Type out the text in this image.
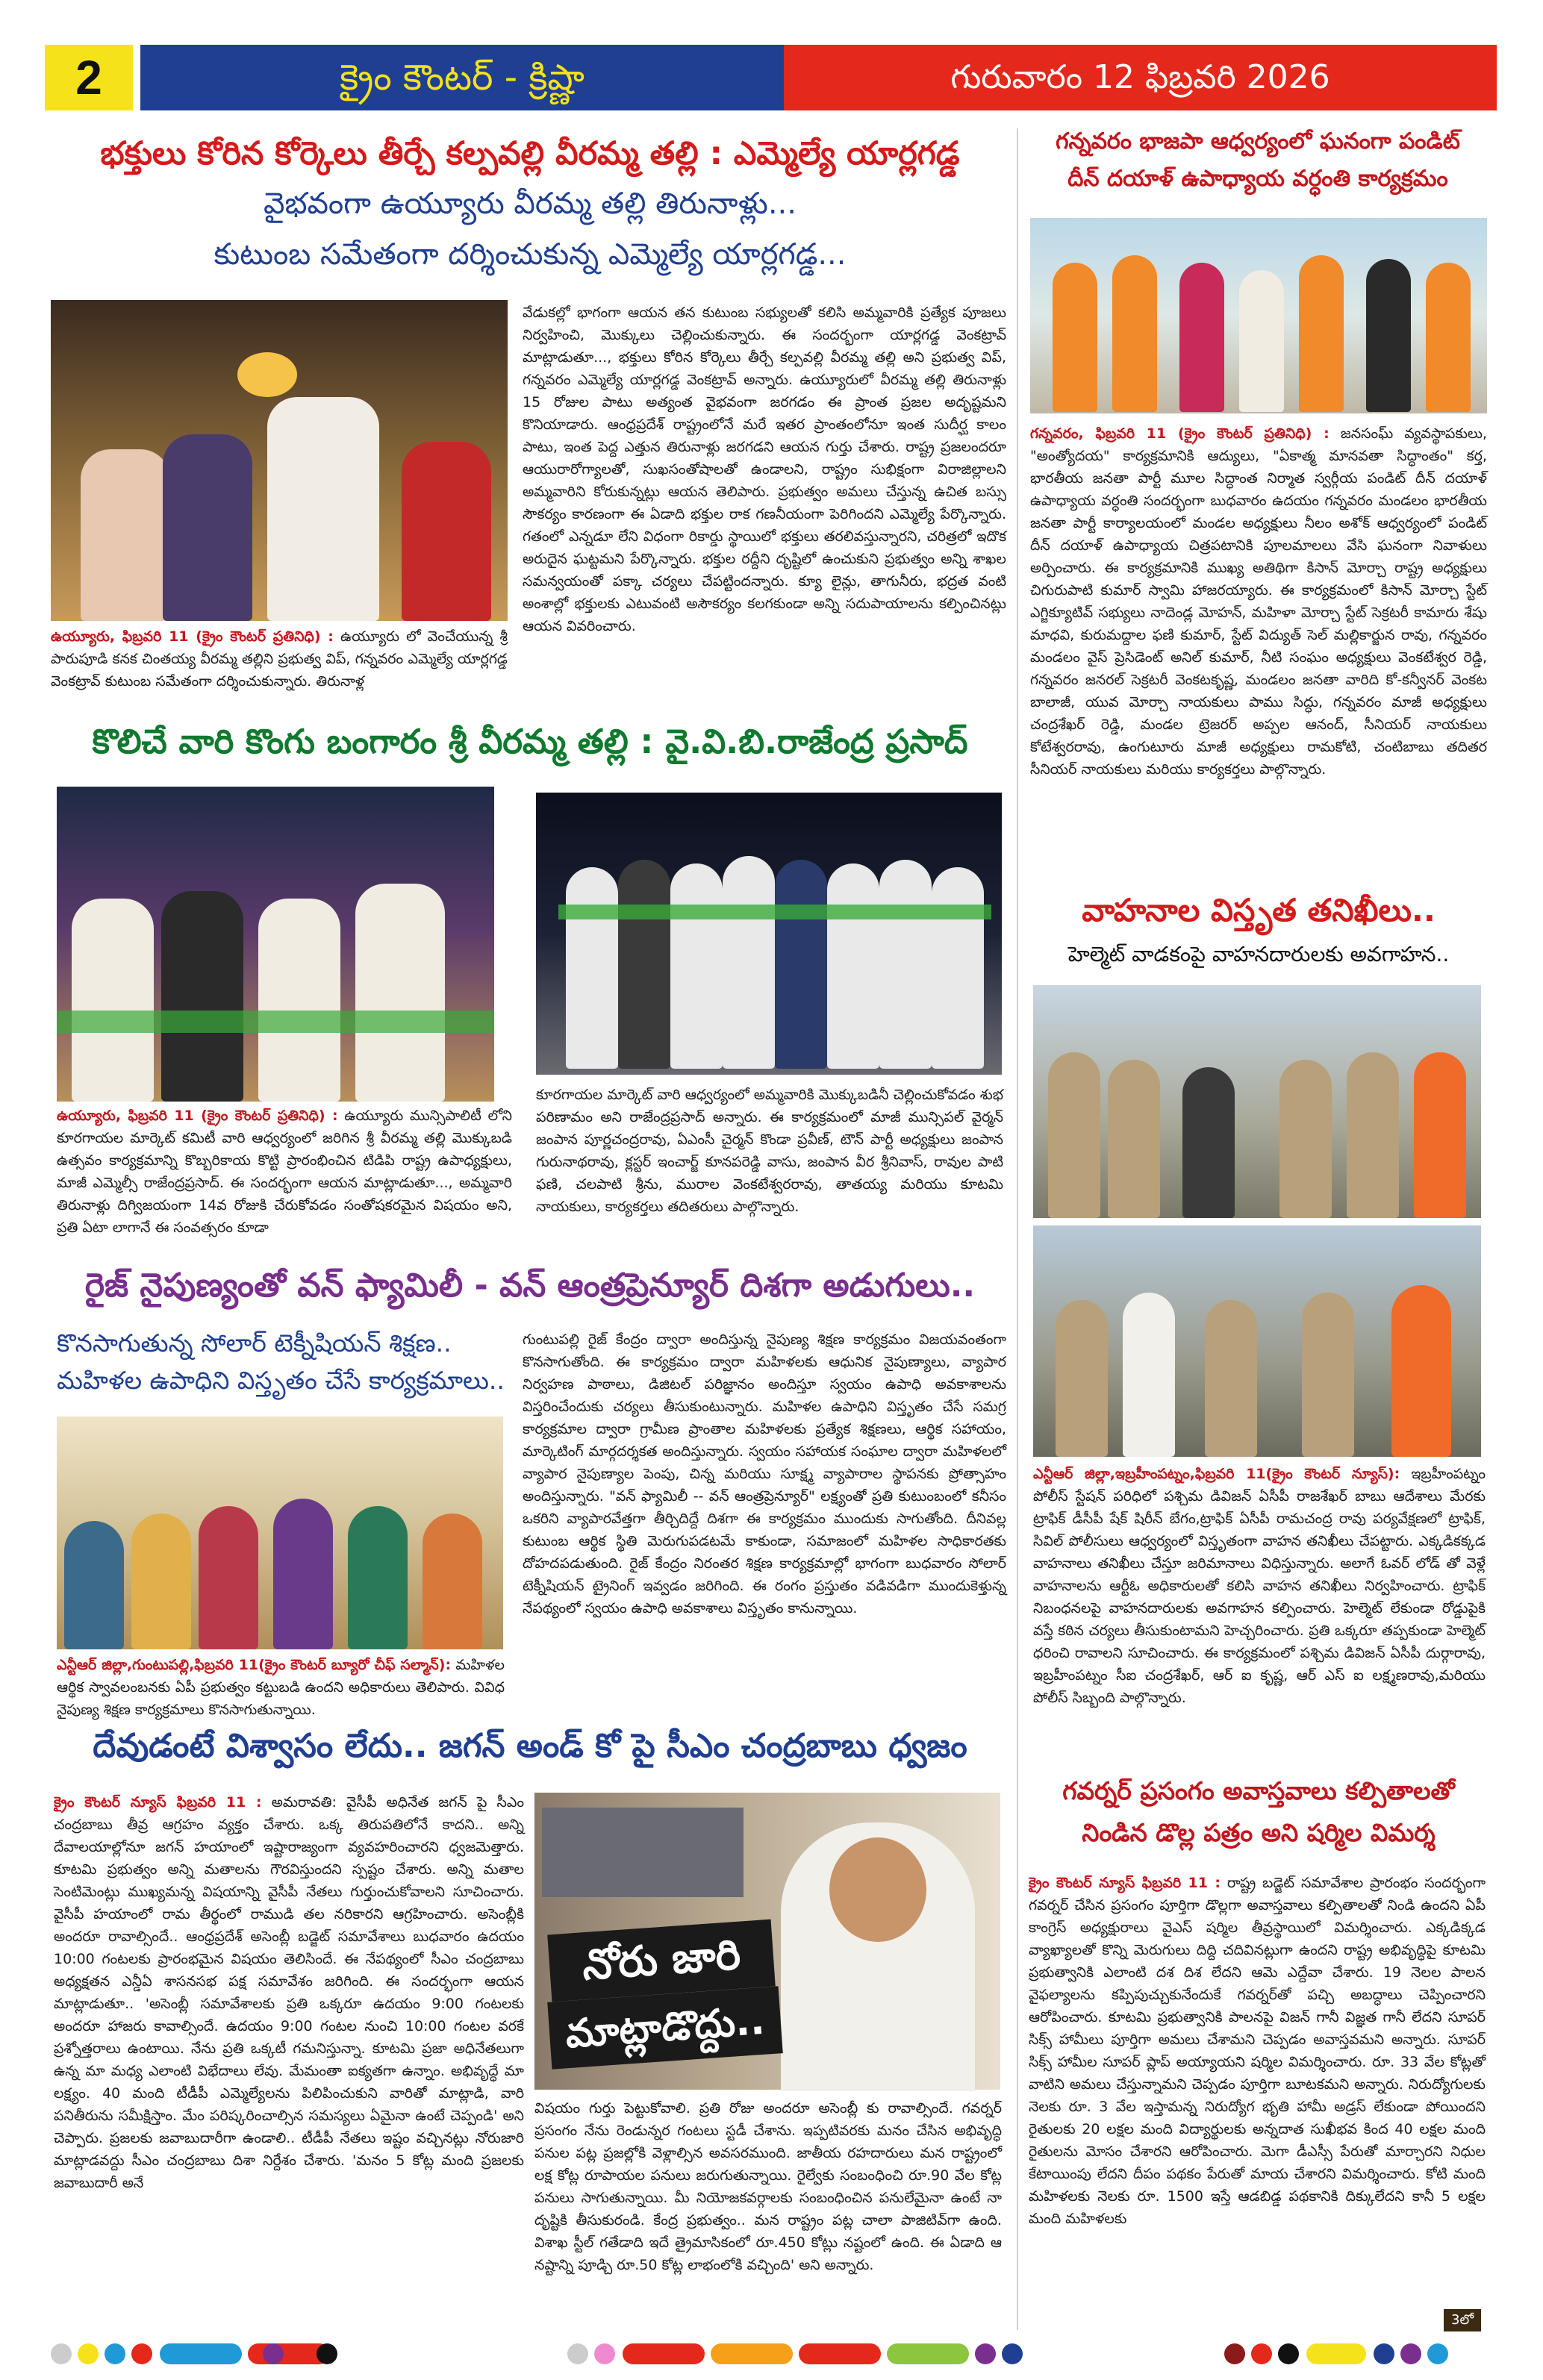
2	క్రైం కౌంటర్ - క్రిష్ణా	గురువారం 12 ఫిబ్రవరి 2026
భక్తులు కోరిన కోర్కెలు తీర్చే కల్పవల్లి వీరమ్మ తల్లి : ఎమ్మెల్యే యార్లగడ్డ
వైభవంగా ఉయ్యూరు వీరమ్మ తల్లి తిరునాళ్లు...
కుటుంబ సమేతంగా దర్శించుకున్న ఎమ్మెల్యే యార్లగడ్డ...
ఉయ్యూరు, ఫిబ్రవరి 11 (క్రైం కౌంటర్ ప్రతినిధి) : ఉయ్యూరు లో వెంచేయున్న శ్రీ పారుపూడి కనక చింతయ్య వీరమ్మ తల్లిని ప్రభుత్వ విప్, గన్నవరం ఎమ్మెల్యే యార్లగడ్డ వెంకట్రావ్ కుటుంబ సమేతంగా దర్శించుకున్నారు. తిరునాళ్ల
వేడుకల్లో భాగంగా ఆయన తన కుటుంబ సభ్యులతో కలిసి అమ్మవారికి ప్రత్యేక పూజలు నిర్వహించి, మొక్కులు చెల్లించుకున్నారు. ఈ సందర్భంగా యార్లగడ్డ వెంకట్రావ్ మాట్లాడుతూ..., భక్తులు కోరిన కోర్కెలు తీర్చే కల్పవల్లి వీరమ్మ తల్లి అని ప్రభుత్వ విప్, గన్నవరం ఎమ్మెల్యే యార్లగడ్డ వెంకట్రావ్ అన్నారు. ఉయ్యూరులో వీరమ్మ తల్లి తిరునాళ్లు 15 రోజుల పాటు అత్యంత వైభవంగా జరగడం ఈ ప్రాంత ప్రజల అదృష్టమని కొనియాడారు. ఆంధ్రప్రదేశ్ రాష్ట్రంలోనే మరే ఇతర ప్రాంతంలోనూ ఇంత సుదీర్ఘ కాలం పాటు, ఇంత పెద్ద ఎత్తున తిరునాళ్లు జరగడని ఆయన గుర్తు చేశారు. రాష్ట్ర ప్రజలందరూ ఆయురారోగ్యాలతో, సుఖసంతోషాలతో ఉండాలని, రాష్ట్రం సుభిక్షంగా విరాజిల్లాలని అమ్మవారిని కోరుకున్నట్లు ఆయన తెలిపారు. ప్రభుత్వం అమలు చేస్తున్న ఉచిత బస్సు సౌకర్యం కారణంగా ఈ ఏడాది భక్తుల రాక గణనీయంగా పెరిగిందని ఎమ్మెల్యే పేర్కొన్నారు. గతంలో ఎన్నడూ లేని విధంగా రికార్డు స్థాయిలో భక్తులు తరలివస్తున్నారని, చరిత్రలో ఇదొక అరుదైన ఘట్టమని పేర్కొన్నారు. భక్తుల రద్దీని దృష్టిలో ఉంచుకుని ప్రభుత్వం అన్ని శాఖల సమన్వయంతో పక్కా చర్యలు చేపట్టిందన్నారు. క్యూ లైన్లు, తాగునీరు, భద్రత వంటి అంశాల్లో భక్తులకు ఎటువంటి అసౌకర్యం కలగకుండా అన్ని సదుపాయాలను కల్పించినట్లు ఆయన వివరించారు.
కొలిచే వారి కొంగు బంగారం శ్రీ వీరమ్మ తల్లి : వై.వి.బి.రాజేంద్ర ప్రసాద్
ఉయ్యూరు, ఫిబ్రవరి 11 (క్రైం కౌంటర్ ప్రతినిధి) : ఉయ్యూరు మున్సిపాలిటీ లోని కూరగాయల మార్కెట్ కమిటీ వారి ఆధ్వర్యంలో జరిగిన శ్రీ వీరమ్మ తల్లి మొక్కుబడి ఉత్సవం కార్యక్రమాన్ని కొబ్బరికాయ కొట్టి ప్రారంభించిన టిడిపి రాష్ట్ర ఉపాధ్యక్షులు, మాజీ ఎమ్మెల్సీ రాజేంద్రప్రసాద్. ఈ సందర్భంగా ఆయన మాట్లాడుతూ..., అమ్మవారి తిరునాళ్లు దిగ్విజయంగా 14వ రోజుకి చేరుకోవడం సంతోషకరమైన విషయం అని, ప్రతి ఏటా లాగానే ఈ సంవత్సరం కూడా
కూరగాయల మార్కెట్ వారి ఆధ్వర్యంలో అమ్మవారికి మొక్కుబడినీ చెల్లించుకోవడం శుభ పరిణామం అని రాజేంద్రప్రసాద్ అన్నారు. ఈ కార్యక్రమంలో మాజీ మున్సిపల్ వైర్మన్ జంపాన పూర్ణచంద్రరావు, ఏఎంసీ చైర్మన్ కొండా ప్రవీణ్, టౌన్ పార్టీ అధ్యక్షులు జంపాన గురునాథరావు, క్లస్టర్ ఇంచార్జ్ కూనపరెడ్డి వాసు, జంపాన వీర శ్రీనివాస్, రావుల పాటి ఫణి, చలపాటి శ్రీను, మురాల వెంకటేశ్వరరావు, తాతయ్య మరియు కూటమి నాయకులు, కార్యకర్తలు తదితరులు పాల్గొన్నారు.
రైజ్ నైపుణ్యంతో వన్ ఫ్యామిలీ - వన్ ఆంత్రప్రెన్యూర్ దిశగా అడుగులు..
కొనసాగుతున్న సోలార్ టెక్నీషియన్ శిక్షణ..
మహిళల ఉపాధిని విస్తృతం చేసే కార్యక్రమాలు..
ఎన్టీఆర్ జిల్లా,గుంటుపల్లి,ఫిబ్రవరి 11(క్రైం కౌంటర్ బ్యూరో చీఫ్ సల్మాన్): మహిళల ఆర్థిక స్వావలంబనకు ఏపీ ప్రభుత్వం కట్టుబడి ఉందని అధికారులు తెలిపారు. వివిధ నైపుణ్య శిక్షణ కార్యక్రమాలు కొనసాగుతున్నాయి.
గుంటుపల్లి రైజ్ కేంద్రం ద్వారా అందిస్తున్న నైపుణ్య శిక్షణ కార్యక్రమం విజయవంతంగా కొనసాగుతోంది. ఈ కార్యక్రమం ద్వారా మహిళలకు ఆధునిక నైపుణ్యాలు, వ్యాపార నిర్వహణ పాఠాలు, డిజిటల్ పరిజ్ఞానం అందిస్తూ స్వయం ఉపాధి అవకాశాలను విస్తరించేందుకు చర్యలు తీసుకుంటున్నారు. మహిళల ఉపాధిని విస్తృతం చేసే సమగ్ర కార్యక్రమాల ద్వారా గ్రామీణ ప్రాంతాల మహిళలకు ప్రత్యేక శిక్షణలు, ఆర్థిక సహాయం, మార్కెటింగ్ మార్గదర్శకత అందిస్తున్నారు. స్వయం సహాయక సంఘాల ద్వారా మహిళలలో వ్యాపార నైపుణ్యాల పెంపు, చిన్న మరియు సూక్ష్మ వ్యాపారాల స్థాపనకు ప్రోత్సాహం అందిస్తున్నారు. "వన్ ఫ్యామిలీ -- వన్ ఆంత్రప్రెన్యూర్" లక్ష్యంతో ప్రతి కుటుంబంలో కనీసం ఒకరిని వ్యాపారవేత్తగా తీర్చిదిద్దే దిశగా ఈ కార్యక్రమం ముందుకు సాగుతోంది. దీనివల్ల కుటుంబ ఆర్థిక స్థితి మెరుగుపడటమే కాకుండా, సమాజంలో మహిళల సాధికారతకు దోహదపడుతుంది. రైజ్ కేంద్రం నిరంతర శిక్షణ కార్యక్రమాల్లో భాగంగా బుధవారం సోలార్ టెక్నీషియన్ ట్రైనింగ్ ఇవ్వడం జరిగింది. ఈ రంగం ప్రస్తుతం వడివడిగా ముందుకెళ్తున్న నేపథ్యంలో స్వయం ఉపాధి అవకాశాలు విస్తృతం కానున్నాయి.
దేవుడంటే విశ్వాసం లేదు.. జగన్ అండ్ కో పై సీఎం చంద్రబాబు ధ్వజం
క్రైం కౌంటర్ న్యూస్ ఫిబ్రవరి 11 : అమరావతి: వైసీపీ అధినేత జగన్ పై సీఎం చంద్రబాబు తీవ్ర ఆగ్రహం వ్యక్తం చేశారు. ఒక్క తిరుపతిలోనే కాదని.. అన్ని దేవాలయాల్లోనూ జగన్ హయాంలో ఇష్టారాజ్యంగా వ్యవహరించారని ధ్వజమెత్తారు. కూటమి ప్రభుత్వం అన్ని మతాలను గౌరవిస్తుందని స్పష్టం చేశారు. అన్ని మతాల సెంటిమెంట్లు ముఖ్యమన్న విషయాన్ని వైసీపీ నేతలు గుర్తుంచుకోవాలని సూచించారు. వైసీపీ హయాంలో రామ తీర్థంలో రాముడి తల నరికారని ఆగ్రహించారు. అసెంబ్లీకి అందరూ రావాల్సిందే.. ఆంధ్రప్రదేశ్ అసెంబ్లీ బడ్జెట్ సమావేశాలు బుధవారం ఉదయం 10:00 గంటలకు ప్రారంభమైన విషయం తెలిసిందే. ఈ నేపథ్యంలో సీఎం చంద్రబాబు అధ్యక్షతన ఎన్డీఏ శాసనసభ పక్ష సమావేశం జరిగింది. ఈ సందర్భంగా ఆయన మాట్లాడుతూ.. 'అసెంబ్లీ సమావేశాలకు ప్రతి ఒక్కరూ ఉదయం 9:00 గంటలకు అందరూ హాజరు కావాల్సిందే. ఉదయం 9:00 గంటల నుంచి 10:00 గంటల వరకే ప్రశ్నోత్తరాలు ఉంటాయి. నేను ప్రతి ఒక్కటీ గమనిస్తున్నా. కూటమి ప్రజా అధినేతలుగా ఉన్న మా మధ్య ఎలాంటి విభేదాలు లేవు. మేమంతా ఐక్యతగా ఉన్నాం. అభివృద్ధే మా లక్ష్యం. 40 మంది టీడీపీ ఎమ్మెల్యేలను పిలిపించుకుని వారితో మాట్లాడి, వారి పనితీరును సమీక్షిస్తాం. మేం పరిష్కరించాల్సిన సమస్యలు ఏమైనా ఉంటే చెప్పండి' అని చెప్పారు. ప్రజలకు జవాబుదారీగా ఉండాలి.. టీడీపీ నేతలు ఇష్టం వచ్చినట్లు నోరుజారి మాట్లాడవద్దు సీఎం చంద్రబాబు దిశా నిర్దేశం చేశారు. 'మనం 5 కోట్ల మంది ప్రజలకు జవాబుదారీ అనే
నోరు జారి
మాట్లాడొద్దు..
విషయం గుర్తు పెట్టుకోవాలి. ప్రతి రోజు అందరూ అసెంబ్లీ కు రావాల్సిందే. గవర్నర్ ప్రసంగం నేను రెండున్నర గంటలు స్టడీ చేశాను. ఇప్పటివరకు మనం చేసిన అభివృద్ధి పనుల పట్ల ప్రజల్లోకి వెళ్లాల్సిన అవసరముంది. జాతీయ రహదారులు మన రాష్ట్రంలో లక్ష కోట్ల రూపాయల పనులు జరుగుతున్నాయి. రైల్వేకు సంబంధించి రూ.90 వేల కోట్ల పనులు సాగుతున్నాయి. మీ నియోజకవర్గాలకు సంబంధించిన పనులేమైనా ఉంటే నా దృష్టికి తీసుకురండి. కేంద్ర ప్రభుత్వం.. మన రాష్ట్రం పట్ల చాలా పాజిటివ్‌గా ఉంది. విశాఖ స్టీల్ గతేడాది ఇదే త్రైమాసికంలో రూ.450 కోట్లు నష్టంలో ఉంది. ఈ ఏడాది ఆ నష్టాన్ని పూడ్చి రూ.50 కోట్ల లాభంలోకి వచ్చింది' అని అన్నారు.
గన్నవరం భాజపా ఆధ్వర్యంలో ఘనంగా పండిట్
దీన్ దయాళ్ ఉపాధ్యాయ వర్ధంతి కార్యక్రమం
గన్నవరం, ఫిబ్రవరి 11 (క్రైం కౌంటర్ ప్రతినిధి) : జనసంఘ్ వ్యవస్థాపకులు, "అంత్యోదయ" కార్యక్రమానికి ఆద్యులు, "ఏకాత్మ మానవతా సిద్ధాంతం" కర్త, భారతీయ జనతా పార్టీ మూల సిద్ధాంత నిర్మాత స్వర్గీయ పండిట్ దీన్ దయాళ్ ఉపాధ్యాయ వర్ధంతి సందర్భంగా బుధవారం ఉదయం గన్నవరం మండలం భారతీయ జనతా పార్టీ కార్యాలయంలో మండల అధ్యక్షులు నీలం అశోక్ ఆధ్వర్యంలో పండిట్ దీన్ దయాళ్ ఉపాధ్యాయ చిత్రపటానికి పూలమాలలు వేసి ఘనంగా నివాళులు అర్పించారు. ఈ కార్యక్రమానికి ముఖ్య అతిథిగా కిసాన్ మోర్చా రాష్ట్ర అధ్యక్షులు చిగురుపాటి కుమార్ స్వామి హాజరయ్యారు. ఈ కార్యక్రమంలో కిసాన్ మోర్చా స్టేట్ ఎగ్జిక్యూటివ్ సభ్యులు నాదెండ్ల మోహన్, మహిళా మోర్చా స్టేట్ సెక్రటరీ కామారు శేషు మాధవి, కురుమద్దాల ఫణి కుమార్, స్టేట్ విద్యుత్ సెల్ మల్లికార్జున రావు, గన్నవరం మండలం వైస్ ప్రెసిడెంట్ అనిల్ కుమార్, నీటి సంఘం అధ్యక్షులు వెంకటేశ్వర రెడ్డి, గన్నవరం జనరల్ సెక్రటరీ వెంకటకృష్ణ, మండలం జనతా వారిది కో-కన్వీనర్ వెంకట బాలాజీ, యువ మోర్చా నాయకులు పాము సిద్ధు, గన్నవరం మాజీ అధ్యక్షులు చంద్రశేఖర్ రెడ్డి, మండల ట్రెజరర్ అప్పల ఆనంద్, సీనియర్ నాయకులు కోటేశ్వరరావు, ఉంగుటూరు మాజీ అధ్యక్షులు రామకోటి, చంటిబాబు తదితర సీనియర్ నాయకులు మరియు కార్యకర్తలు పాల్గొన్నారు.
వాహనాల విస్తృత తనిఖీలు..
హెల్మెట్ వాడకంపై వాహనదారులకు అవగాహన..
ఎన్టీఆర్ జిల్లా,ఇబ్రహీంపట్నం,ఫిబ్రవరి 11(క్రైం కౌంటర్ న్యూస్): ఇబ్రహీంపట్నం పోలీస్ స్టేషన్ పరిధిలో పశ్చిమ డివిజన్ ఏసీపీ రాజశేఖర్ బాబు ఆదేశాలు మేరకు ట్రాఫిక్ డీసీపీ షేక్ షిరీన్ బేగం,ట్రాఫిక్ ఏసీపీ రామచంద్ర రావు పర్యవేక్షణలో ట్రాఫిక్, సివిల్ పోలీసులు ఆధ్వర్యంలో విస్తృతంగా వాహన తనిఖీలు చేపట్టారు. ఎక్కడికక్కడ వాహనాలు తనిఖీలు చేస్తూ జరిమానాలు విధిస్తున్నారు. అలాగే ఓవర్ లోడ్ తో వెళ్లే వాహనాలను ఆర్టీఓ అధికారులతో కలిసి వాహన తనిఖీలు నిర్వహించారు. ట్రాఫిక్ నిబంధనలపై వాహనదారులకు అవగాహన కల్పించారు. హెల్మెట్ లేకుండా రోడ్డుపైకి వస్తే కఠిన చర్యలు తీసుకుంటామని హెచ్చరించారు. ప్రతి ఒక్కరూ తప్పకుండా హెల్మెట్ ధరించి రావాలని సూచించారు. ఈ కార్యక్రమంలో పశ్చిమ డివిజన్ ఏసీపీ దుర్గారావు, ఇబ్రహీంపట్నం సీఐ చంద్రశేఖర్, ఆర్ ఐ కృష్ణ, ఆర్ ఎస్ ఐ లక్ష్మణరావు,మరియు పోలీస్ సిబ్బంది పాల్గొన్నారు.
గవర్నర్ ప్రసంగం అవాస్తవాలు కల్పితాలతో
నిండిన డొల్ల పత్రం అని షర్మిల విమర్శ
క్రైం కౌంటర్ న్యూస్ ఫిబ్రవరి 11 : రాష్ట్ర బడ్జెట్ సమావేశాల ప్రారంభం సందర్భంగా గవర్నర్ చేసిన ప్రసంగం పూర్తిగా డొల్లగా అవాస్తవాలు కల్పితాలతో నిండి ఉందని ఏపీ కాంగ్రెస్ అధ్యక్షురాలు వైఎస్ షర్మిల తీవ్రస్థాయిలో విమర్శించారు. ఎక్కడిక్కడ వ్యాఖ్యాలతో కొన్ని మెరుగులు దిద్ది చదివినట్లుగా ఉందని రాష్ట్ర అభివృద్ధిపై కూటమి ప్రభుత్వానికి ఎలాంటి దశ దిశ లేదని ఆమె ఎద్దేవా చేశారు. 19 నెలల పాలన వైఫల్యాలను కప్పిపుచ్చుకునేందుకే గవర్నర్‌తో పచ్చి అబద్ధాలు చెప్పించారని ఆరోపించారు. కూటమి ప్రభుత్వానికి పాలనపై విజన్ గానీ విజ్ఞత గానీ లేదని సూపర్ సిక్స్ హామీలు పూర్తిగా అమలు చేశామని చెప్పడం అవాస్తవమని అన్నారు. సూపర్ సిక్స్ హామీల సూపర్ ప్లాప్ అయ్యాయని షర్మిల విమర్శించారు. రూ. 33 వేల కోట్లతో వాటిని అమలు చేస్తున్నామని చెప్పడం పూర్తిగా బూటకమని అన్నారు. నిరుద్యోగులకు నెలకు రూ. 3 వేల ఇస్తామన్న నిరుద్యోగ భృతి హామీ అడ్రస్ లేకుండా పోయిందని రైతులకు 20 లక్షల మంది విద్యార్థులకు అన్నదాత సుఖీభవ కింద 40 లక్షల మంది రైతులను మోసం చేశారని ఆరోపించారు. మెగా డీఎస్సీ పేరుతో మార్చారని నిధుల కేటాయింపు లేదని దీపం పథకం పేరుతో మాయ చేశారని విమర్శించారు. కోటి మంది మహిళలకు నెలకు రూ. 1500 ఇస్తే ఆడబిడ్డ పథకానికి దిక్కులేదని కానీ 5 లక్షల మంది మహిళలకు
3లో
